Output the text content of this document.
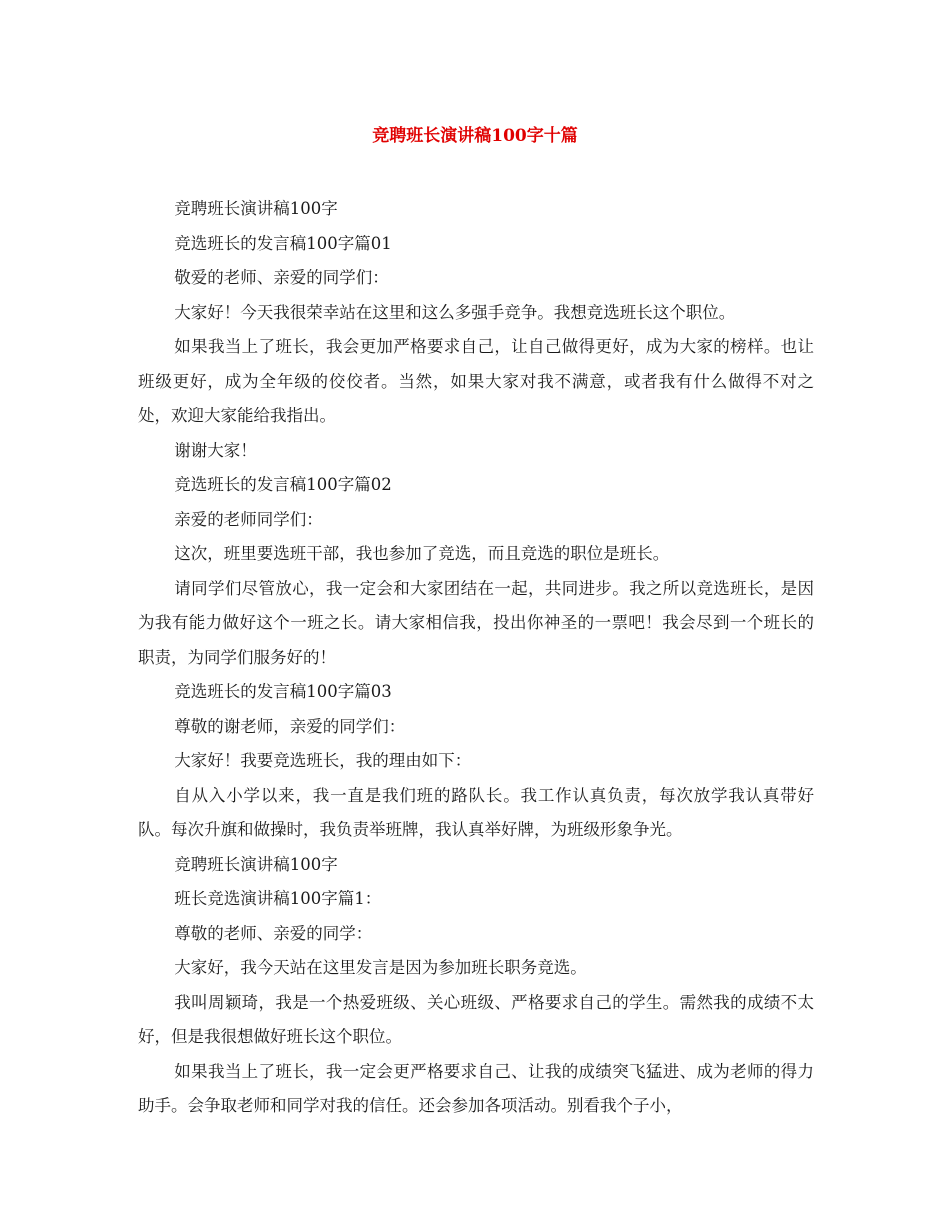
竞聘班长演讲稿100字十篇

竞聘班长演讲稿100字

竞选班长的发言稿100字篇01

敬爱的老师、亲爱的同学们：

大家好！今天我很荣幸站在这里和这么多强手竞争。我想竞选班长这个职位。

如果我当上了班长，我会更加严格要求自己，让自己做得更好，成为大家的榜样。也让班级更好，成为全年级的佼佼者。当然，如果大家对我不满意，或者我有什么做得不对之处，欢迎大家能给我指出。

谢谢大家！

竞选班长的发言稿100字篇02

亲爱的老师同学们：

这次，班里要选班干部，我也参加了竞选，而且竞选的职位是班长。

请同学们尽管放心，我一定会和大家团结在一起，共同进步。我之所以竞选班长，是因为我有能力做好这个一班之长。请大家相信我，投出你神圣的一票吧！我会尽到一个班长的职责，为同学们服务好的！

竞选班长的发言稿100字篇03

尊敬的谢老师，亲爱的同学们：

大家好！我要竞选班长，我的理由如下：

自从入小学以来，我一直是我们班的路队长。我工作认真负责，每次放学我认真带好队。每次升旗和做操时，我负责举班牌，我认真举好牌，为班级形象争光。

竞聘班长演讲稿100字

班长竞选演讲稿100字篇1：

尊敬的老师、亲爱的同学：

大家好，我今天站在这里发言是因为参加班长职务竞选。

我叫周颖琦，我是一个热爱班级、关心班级、严格要求自己的学生。需然我的成绩不太好，但是我很想做好班长这个职位。

如果我当上了班长，我一定会更严格要求自己、让我的成绩突飞猛进、成为老师的得力助手。会争取老师和同学对我的信任。还会参加各项活动。别看我个子小，
